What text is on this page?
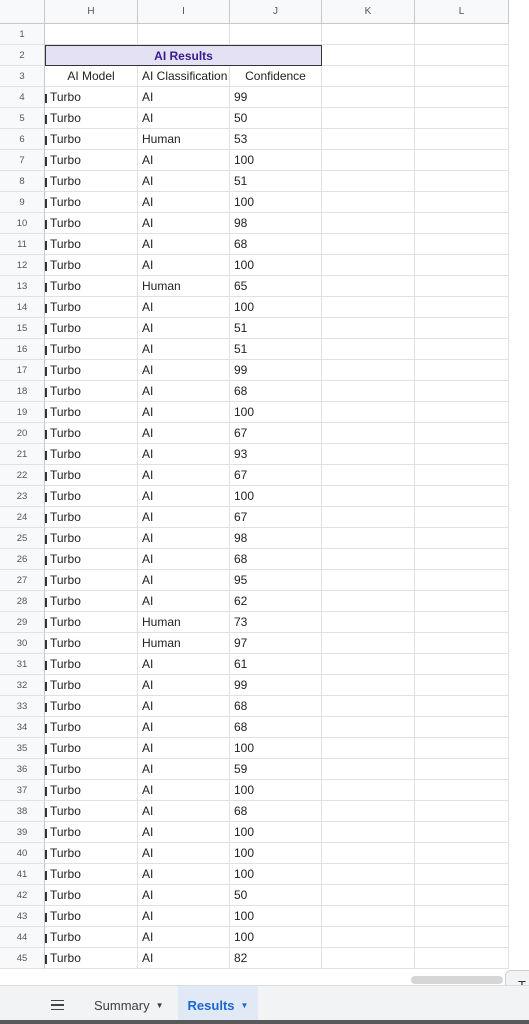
H	I	J	K	L
1
2	AI Results
3	AI Model	AI Classification	Confidence
4	Turbo	AI	99
5	Turbo	AI	50
6	Turbo	Human	53
7	Turbo	AI	100
8	Turbo	AI	51
9	Turbo	AI	100
10	Turbo	AI	98
11	Turbo	AI	68
12	Turbo	AI	100
13	Turbo	Human	65
14	Turbo	AI	100
15	Turbo	AI	51
16	Turbo	AI	51
17	Turbo	AI	99
18	Turbo	AI	68
19	Turbo	AI	100
20	Turbo	AI	67
21	Turbo	AI	93
22	Turbo	AI	67
23	Turbo	AI	100
24	Turbo	AI	67
25	Turbo	AI	98
26	Turbo	AI	68
27	Turbo	AI	95
28	Turbo	AI	62
29	Turbo	Human	73
30	Turbo	Human	97
31	Turbo	AI	61
32	Turbo	AI	99
33	Turbo	AI	68
34	Turbo	AI	68
35	Turbo	AI	100
36	Turbo	AI	59
37	Turbo	AI	100
38	Turbo	AI	68
39	Turbo	AI	100
40	Turbo	AI	100
41	Turbo	AI	100
42	Turbo	AI	50
43	Turbo	AI	100
44	Turbo	AI	100
45	Turbo	AI	82
Summary ▼ Results ▼
